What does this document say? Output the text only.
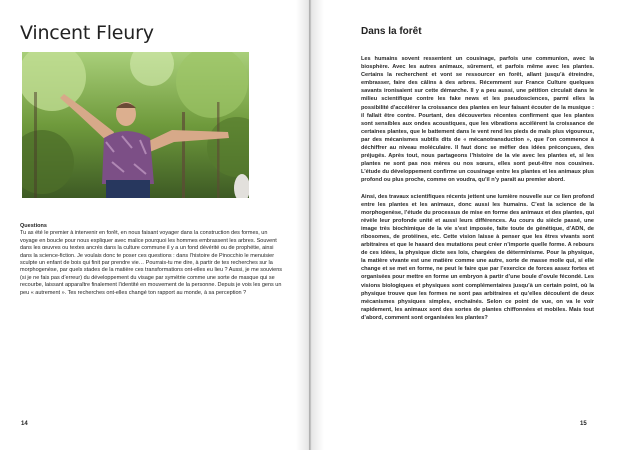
Vincent Fleury

Questions

Tu as été le premier à intervenir en forêt, en nous faisant voyager dans la construction des formes, un voyage en boucle pour nous expliquer avec malice pourquoi les hommes embrassent les arbres. Souvent dans les œuvres ou textes ancrés dans la culture commune il y a un fond dévérité ou de prophétie, ainsi dans la science-fiction. Je voulais donc te poser ces questions : dans l’histoire de Pinocchio le menuisier sculpte un enfant de bois qui finit par prendre vie… Pourrais-tu me dire, à partir de tes recherches sur la morphogenèse, par quels stades de la matière ces transformations ont-elles eu lieu ? Aussi, je me souviens (si je ne fais pas d’erreur) du développement du visage par symétrie comme une sorte de masque qui se recourbe, laissant apparaître finalement l’identité en mouvement de la personne. Depuis je vois les gens un peu « autrement ». Tes recherches ont-elles changé ton rapport au monde, à sa perception ?

14
Dans la forêt

Les humains sovent ressentent un cousinage, parfois une communion, avec la biosphère. Avec les autres animaux, sûrement, et parfois même avec les plantes. Certains la recherchent et vont se ressourcer en forêt, allant jusqu’à étreindre, embrasser, faire des câlins à des arbres. Récemment sur France Culture quelques savants ironisaient sur cette démarche. Il y a peu aussi, une pétition circulait dans le milieu scientifique contre les fake news et les pseudosciences, parmi elles la possibilité d’accélérer la croissance des plantes en leur faisant écouter de la musique : il fallait être contre. Pourtant, des découvertes récentes confirment que les plantes sont sensibles aux ondes acoustiques, que les vibrations accélèrent la croissance de certaines plantes, que le battement dans le vent rend les pieds de maïs plus vigoureux, par des mécanismes subtils dits de « mécanotransduction », que l’on commence à déchiffrer au niveau moléculaire. Il faut donc se méfier des idées préconçues, des préjugés. Après tout, nous partageons l’histoire de la vie avec les plantes et, si les plantes ne sont pas nos mères ou nos sœurs, elles sont peut-être nos cousines. L’étude du développement confirme un cousinage entre les plantes et les animaux plus profond ou plus proche, comme on voudra, qu’il n’y paraît au premier abord.

Ainsi, des travaux scientifiques récents jettent une lumière nouvelle sur ce lien profond entre les plantes et les animaux, donc aussi les humains. C’est la science de la morphogenèse, l’étude du processus de mise en forme des animaux et des plantes, qui révèle leur profonde unité et aussi leurs différences. Au cours du siècle passé, une image très biochimique de la vie s’est imposée, faite toute de génétique, d’ADN, de ribosomes, de protéines, etc. Cette vision laisse à penser que les êtres vivants sont arbitraires et que le hasard des mutations peut créer n’importe quelle forme. A rebours de ces idées, la physique dicte ses lois, chargées de déterminisme. Pour la physique, la matière vivante est une matière comme une autre, sorte de masse molle qui, si elle change et se met en forme, ne peut le faire que par l’exercice de forces assez fortes et organisées pour mettre en forme un embryon à partir d’une boule d’ovule fécondé. Les visions biologiques et physiques sont complémentaires jusqu’à un certain point, où la physique trouve que les formes ne sont pas arbitraires et qu’elles découlent de deux mécanismes physiques simples, enchaînés. Selon ce point de vue, on va le voir rapidement, les animaux sont des sortes de plantes chiffonnées et mobiles. Mais tout d’abord, comment sont organisées les plantes?

15
